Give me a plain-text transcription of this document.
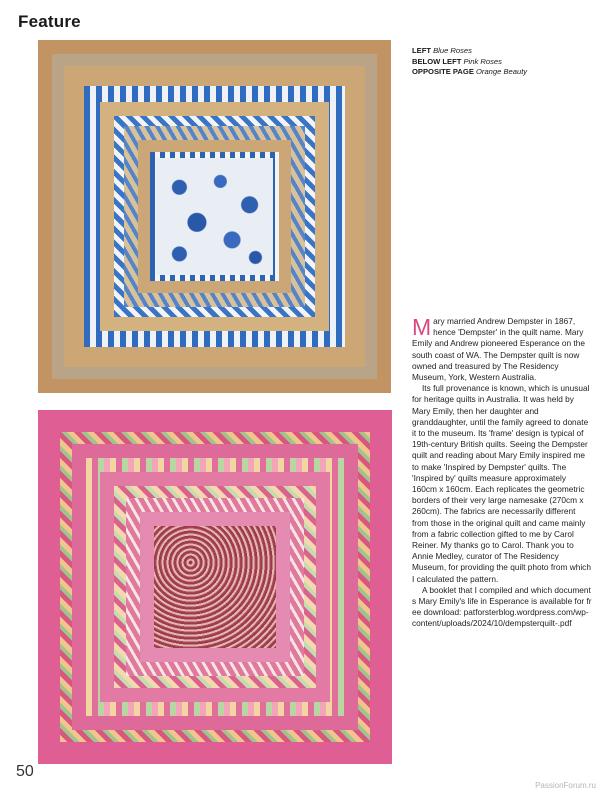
Feature
LEFT Blue Roses
BELOW LEFT Pink Roses
OPPOSITE PAGE Orange Beauty

Mary married Andrew Dempster in 1867, hence 'Dempster' in the quilt name. Mary Emily and Andrew pioneered Esperance on the south coast of WA. The Dempster quilt is now owned and treasured by The Residency Museum, York, Western Australia.

Its full provenance is known, which is unusual for heritage quilts in Australia. It was held by Mary Emily, then her daughter and granddaughter, until the family agreed to donate it to the museum. Its 'frame' design is typical of 19th-century British quilts. Seeing the Dempster quilt and reading about Mary Emily inspired me to make 'Inspired by Dempster' quilts. The 'Inspired by' quilts measure approximately 160cm x 160cm. Each replicates the geometric borders of their very large namesake (270cm x 260cm). The fabrics are necessarily different from those in the original quilt and came mainly from a fabric collection gifted to me by Carol Reiner. My thanks go to Carol. Thank you to Annie Medley, curator of The Residency Museum, for providing the quilt photo from which I calculated the pattern.

A booklet that I compiled and which documents Mary Emily's life in Esperance is available for free download: patforsterblog.wordpress.com/wp-content/uploads/2024/10/dempsterquilt-.pdf

50
PassionForum.ru
